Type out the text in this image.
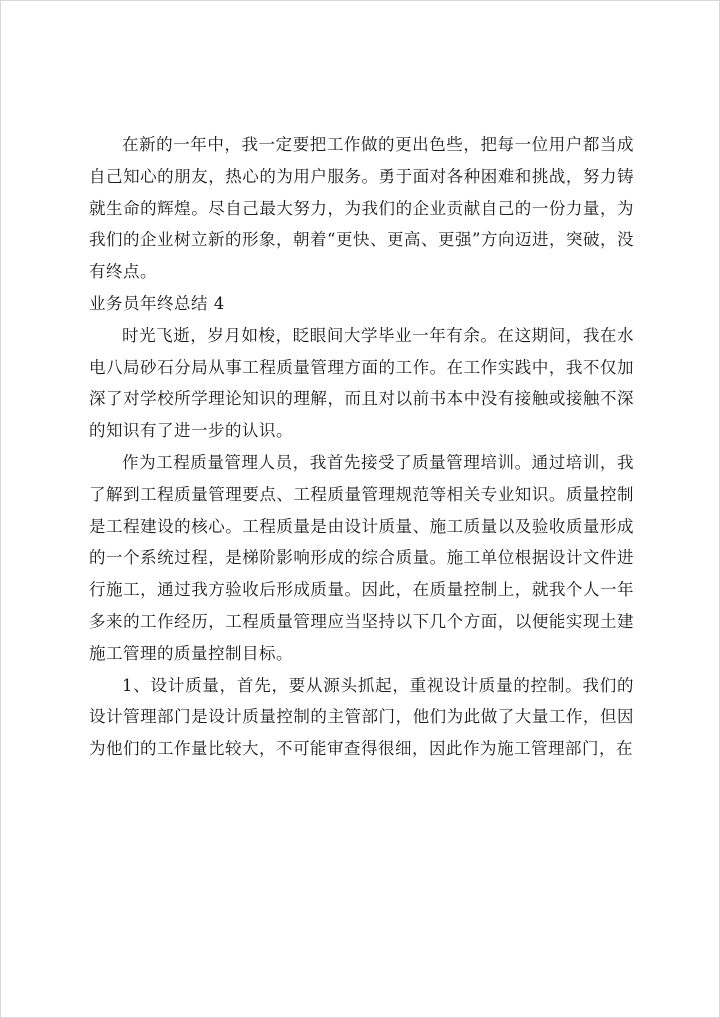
在新的一年中，我一定要把工作做的更出色些，把每一位用户都当成自己知心的朋友，热心的为用户服务。勇于面对各种困难和挑战，努力铸就生命的辉煌。尽自己最大努力，为我们的企业贡献自己的一份力量，为我们的企业树立新的形象，朝着“更快、更高、更强”方向迈进，突破，没有终点。

业务员年终总结 4

时光飞逝，岁月如梭，眨眼间大学毕业一年有余。在这期间，我在水电八局砂石分局从事工程质量管理方面的工作。在工作实践中，我不仅加深了对学校所学理论知识的理解，而且对以前书本中没有接触或接触不深的知识有了进一步的认识。

作为工程质量管理人员，我首先接受了质量管理培训。通过培训，我了解到工程质量管理要点、工程质量管理规范等相关专业知识。质量控制是工程建设的核心。工程质量是由设计质量、施工质量以及验收质量形成的一个系统过程，是梯阶影响形成的综合质量。施工单位根据设计文件进行施工，通过我方验收后形成质量。因此，在质量控制上，就我个人一年多来的工作经历，工程质量管理应当坚持以下几个方面，以便能实现土建施工管理的质量控制目标。

1、设计质量，首先，要从源头抓起，重视设计质量的控制。我们的设计管理部门是设计质量控制的主管部门，他们为此做了大量工作，但因为他们的工作量比较大，不可能审查得很细，因此作为施工管理部门，在
